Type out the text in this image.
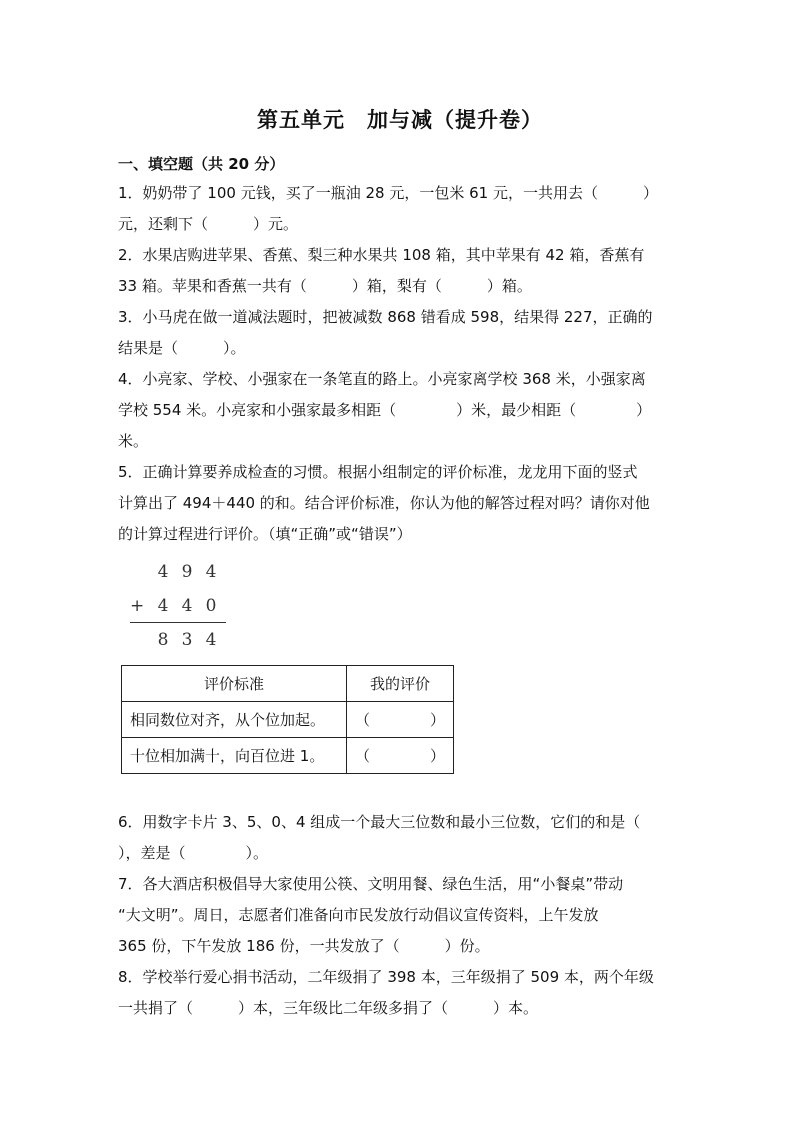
第五单元　加与减（提升卷）
一、填空题（共 20 分）
1．奶奶带了 100 元钱，买了一瓶油 28 元，一包米 61 元，一共用去（　　　）
元，还剩下（　　　）元。
2．水果店购进苹果、香蕉、梨三种水果共 108 箱，其中苹果有 42 箱，香蕉有
33 箱。苹果和香蕉一共有（　　　）箱，梨有（　　　）箱。
3．小马虎在做一道减法题时，把被减数 868 错看成 598，结果得 227，正确的
结果是（　　　）。
4．小亮家、学校、小强家在一条笔直的路上。小亮家离学校 368 米，小强家离
学校 554 米。小亮家和小强家最多相距（　　　　）米，最少相距（　　　　）
米。
5．正确计算要养成检查的习惯。根据小组制定的评价标准，龙龙用下面的竖式
计算出了 494＋440 的和。结合评价标准，你认为他的解答过程对吗？请你对他
的计算过程进行评价。（填“正确”或“错误”）
4 9 4
+ 4 4 0
8 3 4
评价标准	我的评价
相同数位对齐，从个位加起。	（　　　　）
十位相加满十，向百位进 1。	（　　　　）
6．用数字卡片 3、5、0、4 组成一个最大三位数和最小三位数，它们的和是（
），差是（　　　　）。
7．各大酒店积极倡导大家使用公筷、文明用餐、绿色生活，用“小餐桌”带动
“大文明”。周日，志愿者们准备向市民发放行动倡议宣传资料，上午发放
365 份，下午发放 186 份，一共发放了（　　　）份。
8．学校举行爱心捐书活动，二年级捐了 398 本，三年级捐了 509 本，两个年级
一共捐了（　　　）本，三年级比二年级多捐了（　　　）本。
